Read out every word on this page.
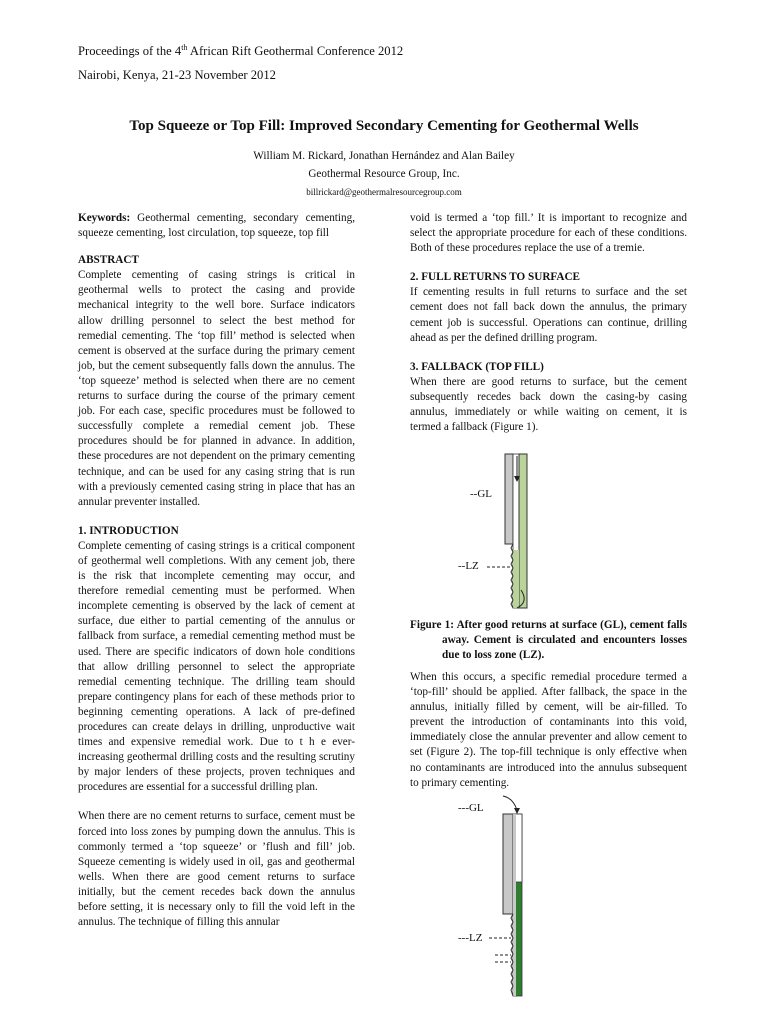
Proceedings of the 4th African Rift Geothermal Conference 2012
Nairobi, Kenya, 21-23 November 2012
Top Squeeze or Top Fill: Improved Secondary Cementing for Geothermal Wells
William M. Rickard, Jonathan Hernández and Alan Bailey
Geothermal Resource Group, Inc.
billrickard@geothermalresourcegroup.com

Keywords: Geothermal cementing, secondary cementing, squeeze cementing, lost circulation, top squeeze, top fill

ABSTRACT

Complete cementing of casing strings is critical in geothermal wells to protect the casing and provide mechanical integrity to the well bore. Surface indicators allow drilling personnel to select the best method for remedial cementing. The ‘top fill’ method is selected when cement is observed at the surface during the primary cement job, but the cement subsequently falls down the annulus. The ‘top squeeze’ method is selected when there are no cement returns to surface during the course of the primary cement job. For each case, specific procedures must be followed to successfully complete a remedial cement job. These procedures should be for planned in advance. In addition, these procedures are not dependent on the primary cementing technique, and can be used for any casing string that is run with a previously cemented casing string in place that has an annular preventer installed.

1. INTRODUCTION

Complete cementing of casing strings is a critical component of geothermal well completions. With any cement job, there is the risk that incomplete cementing may occur, and therefore remedial cementing must be performed. When incomplete cementing is observed by the lack of cement at surface, due either to partial cementing of the annulus or fallback from surface, a remedial cementing method must be used. There are specific indicators of down hole conditions that allow drilling personnel to select the appropriate remedial cementing technique. The drilling team should prepare contingency plans for each of these methods prior to beginning cementing operations. A lack of pre-defined procedures can create delays in drilling, unproductive wait times and expensive remedial work. Due to t h e ever-increasing geothermal drilling costs and the resulting scrutiny by major lenders of these projects, proven techniques and procedures are essential for a successful drilling plan.

When there are no cement returns to surface, cement must be forced into loss zones by pumping down the annulus. This is commonly termed a ‘top squeeze’ or ’flush and fill’ job. Squeeze cementing is widely used in oil, gas and geothermal wells. When there are good cement returns to surface initially, but the cement recedes back down the annulus before setting, it is necessary only to fill the void left in the annulus. The technique of filling this annular

void is termed a ‘top fill.’ It is important to recognize and select the appropriate procedure for each of these conditions. Both of these procedures replace the use of a tremie.

2. FULL RETURNS TO SURFACE

If cementing results in full returns to surface and the set cement does not fall back down the annulus, the primary cement job is successful. Operations can continue, drilling ahead as per the defined drilling program.

3. FALLBACK (TOP FILL)

When there are good returns to surface, but the cement subsequently recedes back down the casing-by casing annulus, immediately or while waiting on cement, it is termed a fallback (Figure 1).

--GL
--LZ

Figure 1: After good returns at surface (GL), cement falls away. Cement is circulated and encounters losses due to loss zone (LZ).

When this occurs, a specific remedial procedure termed a ‘top-fill’ should be applied. After fallback, the space in the annulus, initially filled by cement, will be air-filled. To prevent the introduction of contaminants into this void, immediately close the annular preventer and allow cement to set (Figure 2). The top-fill technique is only effective when no contaminants are introduced into the annulus subsequent to primary cementing.

---GL
---LZ
